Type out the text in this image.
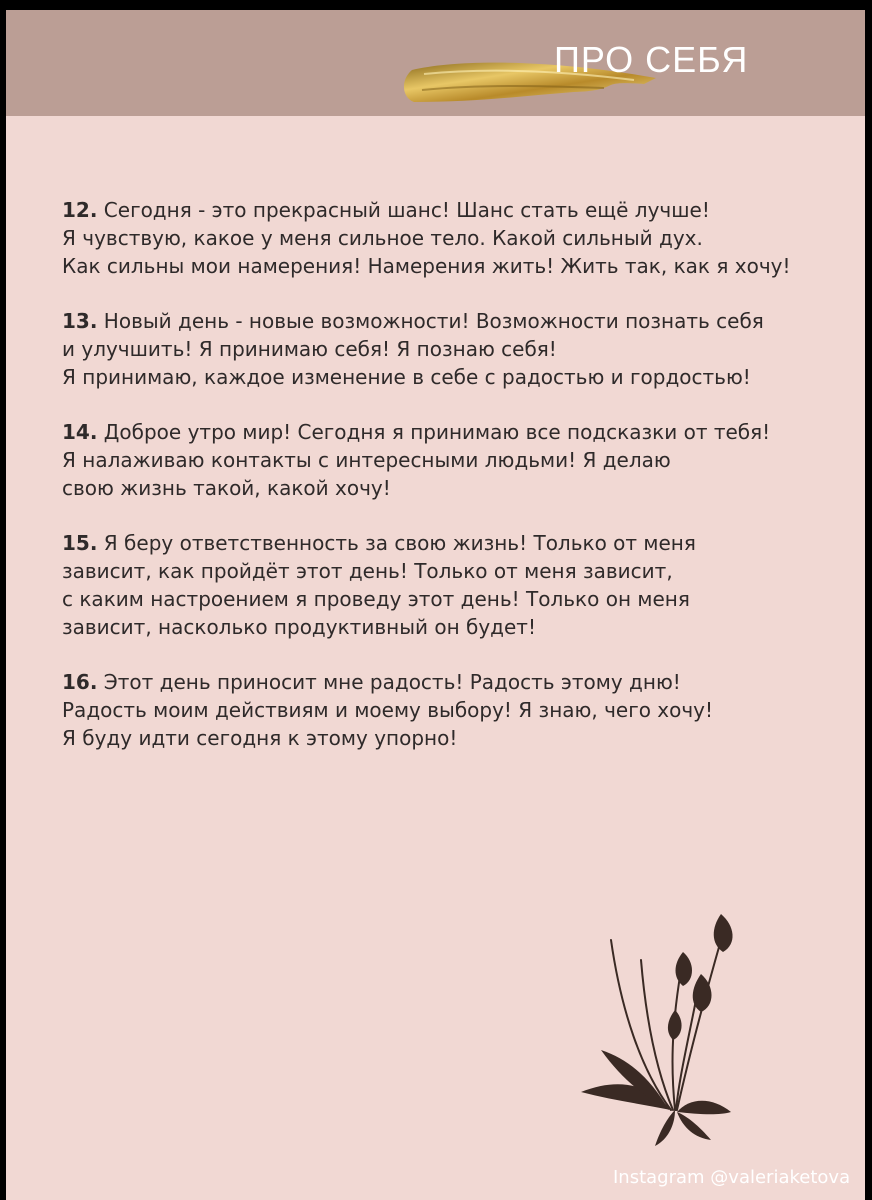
ПРО СЕБЯ
12. Сегодня - это прекрасный шанс! Шанс стать ещё лучше!
Я чувствую, какое у меня сильное тело. Какой сильный дух.
Как сильны мои намерения! Намерения жить! Жить так, как я хочу!
13. Новый день - новые возможности! Возможности познать себя
и улучшить! Я принимаю себя! Я познаю себя!
Я принимаю, каждое изменение в себе с радостью и гордостью!
14. Доброе утро мир! Сегодня я принимаю все подсказки от тебя!
Я налаживаю контакты с интересными людьми! Я делаю
свою жизнь такой, какой хочу!
15. Я беру ответственность за свою жизнь! Только от меня
зависит, как пройдёт этот день! Только от меня зависит,
с каким настроением я проведу этот день! Только он меня
зависит, насколько продуктивный он будет!
16. Этот день приносит мне радость! Радость этому дню!
Радость моим действиям и моему выбору! Я знаю, чего хочу!
Я буду идти сегодня к этому упорно!
Instagram @valeriaketova
